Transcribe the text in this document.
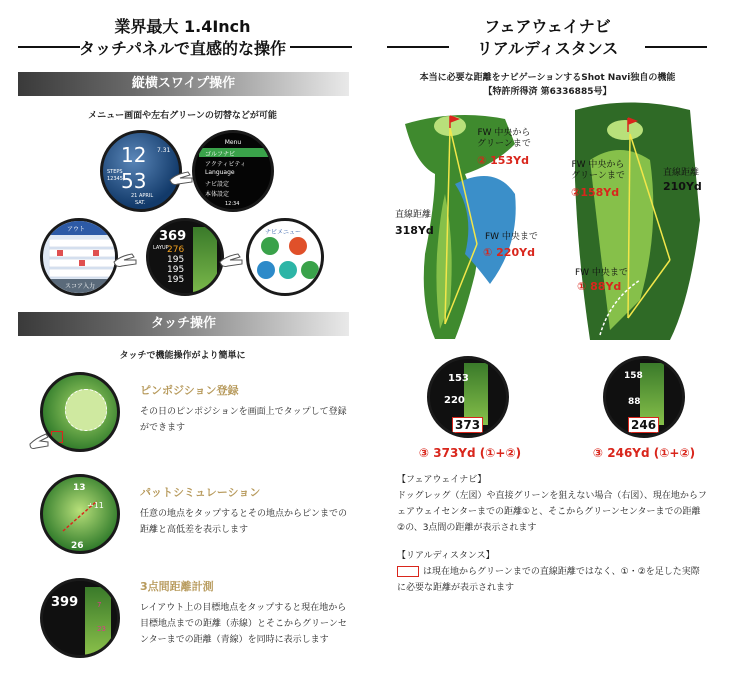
業界最大 1.4Inch
タッチパネルで直感的な操作
縦横スワイプ操作
メニュー画面や左右グリーンの切替などが可能
12
53
7.31
STEPS
12345
21 APRIL
SAT.
Menu
ゴルフナビ
アクティビティ
Language
ナビ設定
本体設定
12:34
アウト
スコア入力
369
LAYUP
276
195
195
195
ナビメニュー
タッチ操作
タッチで機能操作がより簡単に
ピンポジション登録
その日のピンポジションを画面上でタップして登録ができます
13
+11
26
パットシミュレーション
任意の地点をタップするとその地点からピンまでの距離と高低差を表示します
399	7
23
3点間距離計測
レイアウト上の目標地点をタップすると現在地から目標地点までの距離（赤線）とそこからグリーンセンターまでの距離（青線）を同時に表示します
フェアウェイナビ
リアルディスタンス
本当に必要な距離をナビゲーションするShot Navi独自の機能
【特許所得済 第6336885号】
FW 中央から
グリーンまで
② 153Yd
直線距離
318Yd	FW 中央まで
① 220Yd
FW 中央から
グリーンまで
②158Yd
直線距離
210Yd
FW 中央まで
① 88Yd
153
220
373
158
88
246
③ 373Yd (①+②)	③ 246Yd (①+②)
【フェアウェイナビ】
ドッグレッグ（左図）や直接グリーンを狙えない場合（右図）、現在地からフェアウェイセンターまでの距離①と、そこからグリーンセンターまでの距離②の、3点間の距離が表示されます
【リアルディスタンス】
は現在地からグリーンまでの直線距離ではなく、①・②を足した実際に必要な距離が表示されます
